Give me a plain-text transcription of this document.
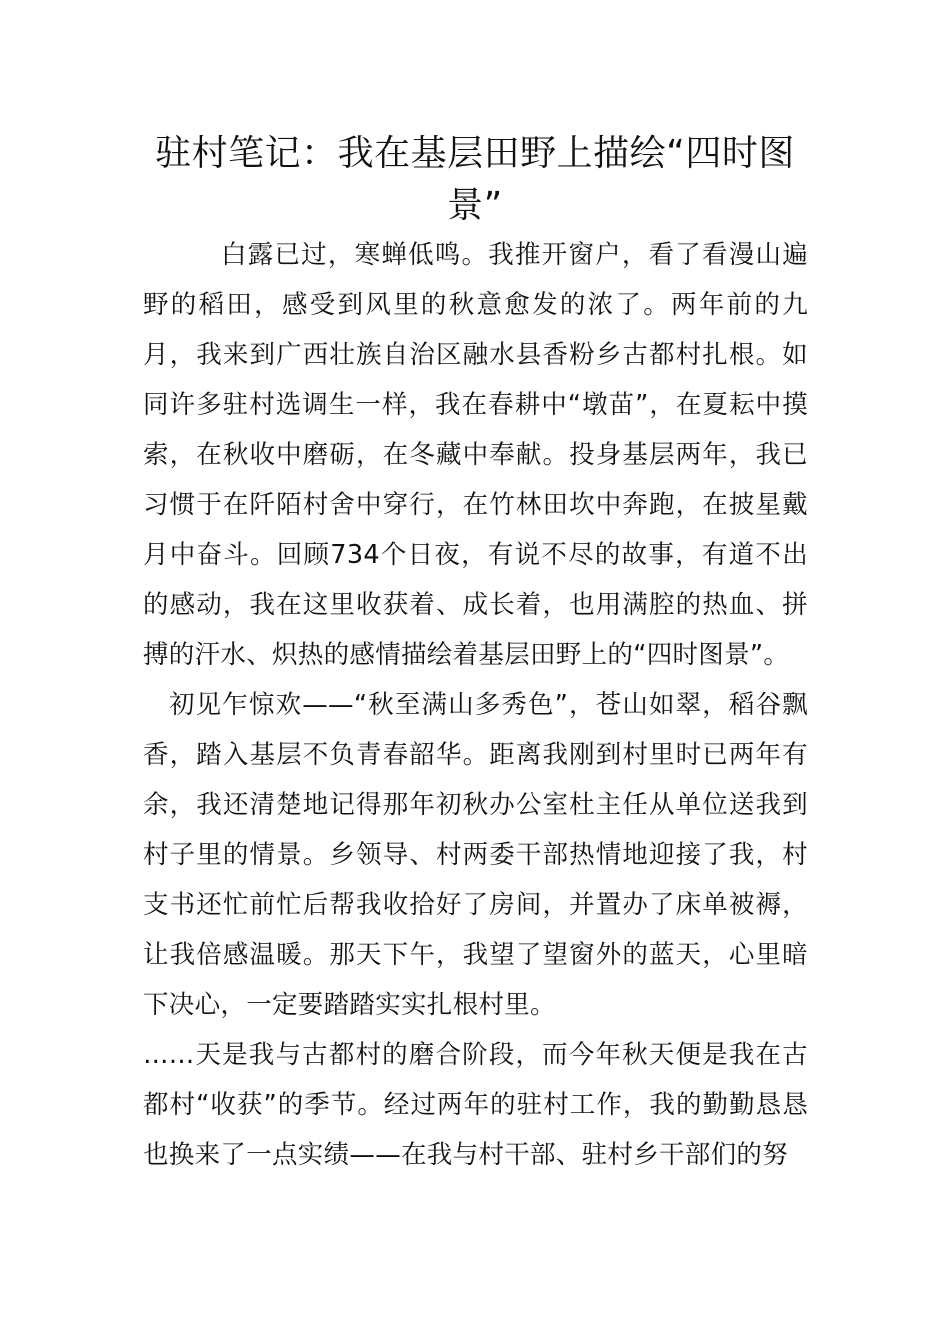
驻村笔记：我在基层田野上描绘“四时图景”

白露已过，寒蝉低鸣。我推开窗户，看了看漫山遍野的稻田，感受到风里的秋意愈发的浓了。两年前的九月，我来到广西壮族自治区融水县香粉乡古都村扎根。如同许多驻村选调生一样，我在春耕中“墩苗”，在夏耘中摸索，在秋收中磨砺，在冬藏中奉献。投身基层两年，我已习惯于在阡陌村舍中穿行，在竹林田坎中奔跑，在披星戴月中奋斗。回顾734个日夜，有说不尽的故事，有道不出的感动，我在这里收获着、成长着，也用满腔的热血、拼搏的汗水、炽热的感情描绘着基层田野上的“四时图景”。

初见乍惊欢——“秋至满山多秀色”，苍山如翠，稻谷飘香，踏入基层不负青春韶华。距离我刚到村里时已两年有余，我还清楚地记得那年初秋办公室杜主任从单位送我到村子里的情景。乡领导、村两委干部热情地迎接了我，村支书还忙前忙后帮我收拾好了房间，并置办了床单被褥，让我倍感温暖。那天下午，我望了望窗外的蓝天，心里暗下决心，一定要踏踏实实扎根村里。

……天是我与古都村的磨合阶段，而今年秋天便是我在古都村“收获”的季节。经过两年的驻村工作，我的勤勤恳恳也换来了一点实绩——在我与村干部、驻村乡干部们的努
